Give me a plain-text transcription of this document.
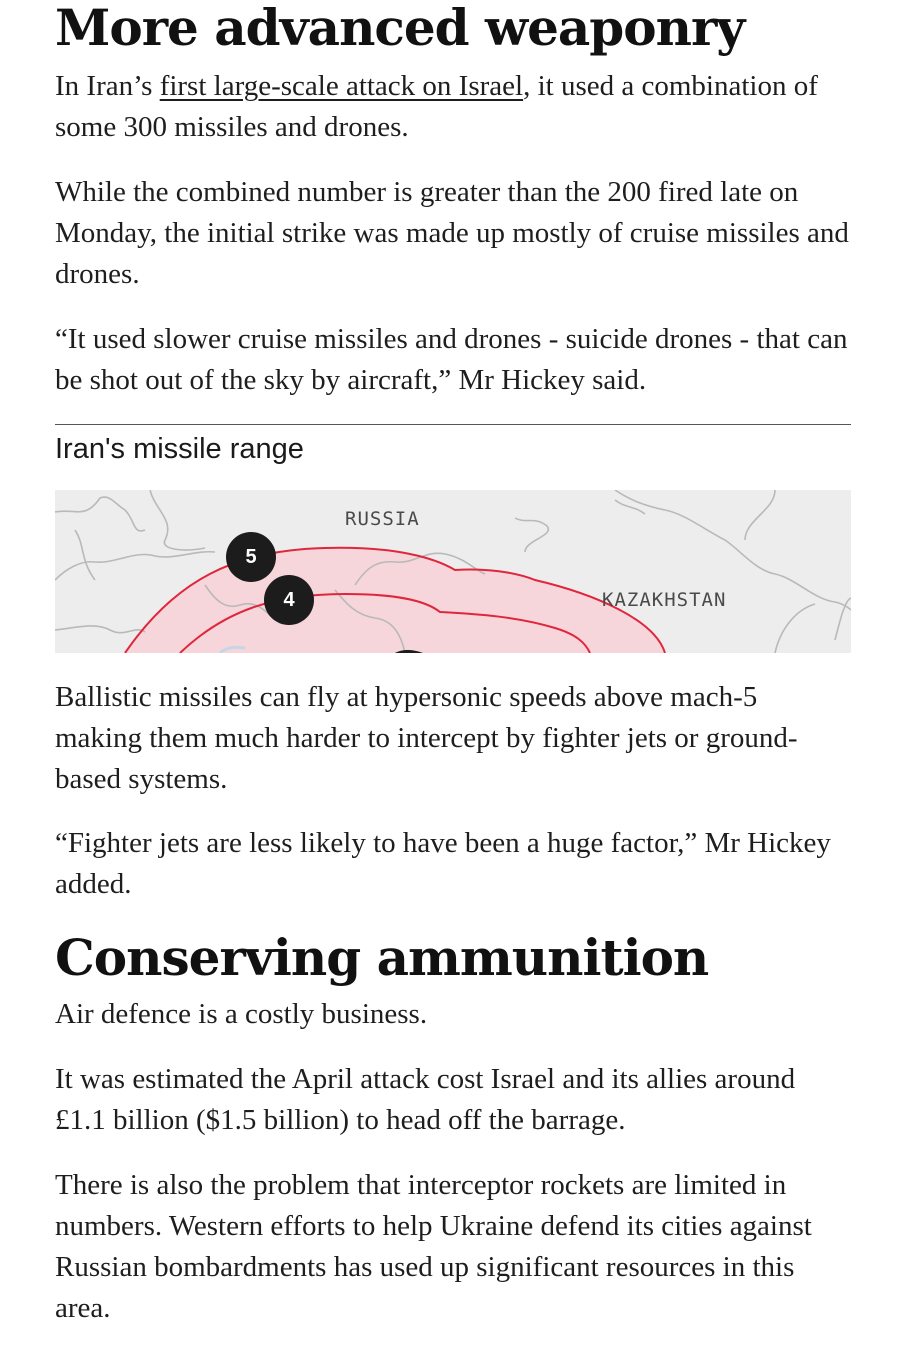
More advanced weaponry

In Iran’s first large-scale attack on Israel, it used a combination of some 300 missiles and drones.

While the combined number is greater than the 200 fired late on Monday, the initial strike was made up mostly of cruise missiles and drones.

“It used slower cruise missiles and drones - suicide drones - that can be shot out of the sky by aircraft,” Mr Hickey said.

Iran's missile range
5
4
RUSSIA
KAZAKHSTAN

Ballistic missiles can fly at hypersonic speeds above mach-5 making them much harder to intercept by fighter jets or ground-based systems.

“Fighter jets are less likely to have been a huge factor,” Mr Hickey added.

Conserving ammunition

Air defence is a costly business.

It was estimated the April attack cost Israel and its allies around £1.1 billion ($1.5 billion) to head off the barrage.

There is also the problem that interceptor rockets are limited in numbers. Western efforts to help Ukraine defend its cities against Russian bombardments has used up significant resources in this area.
